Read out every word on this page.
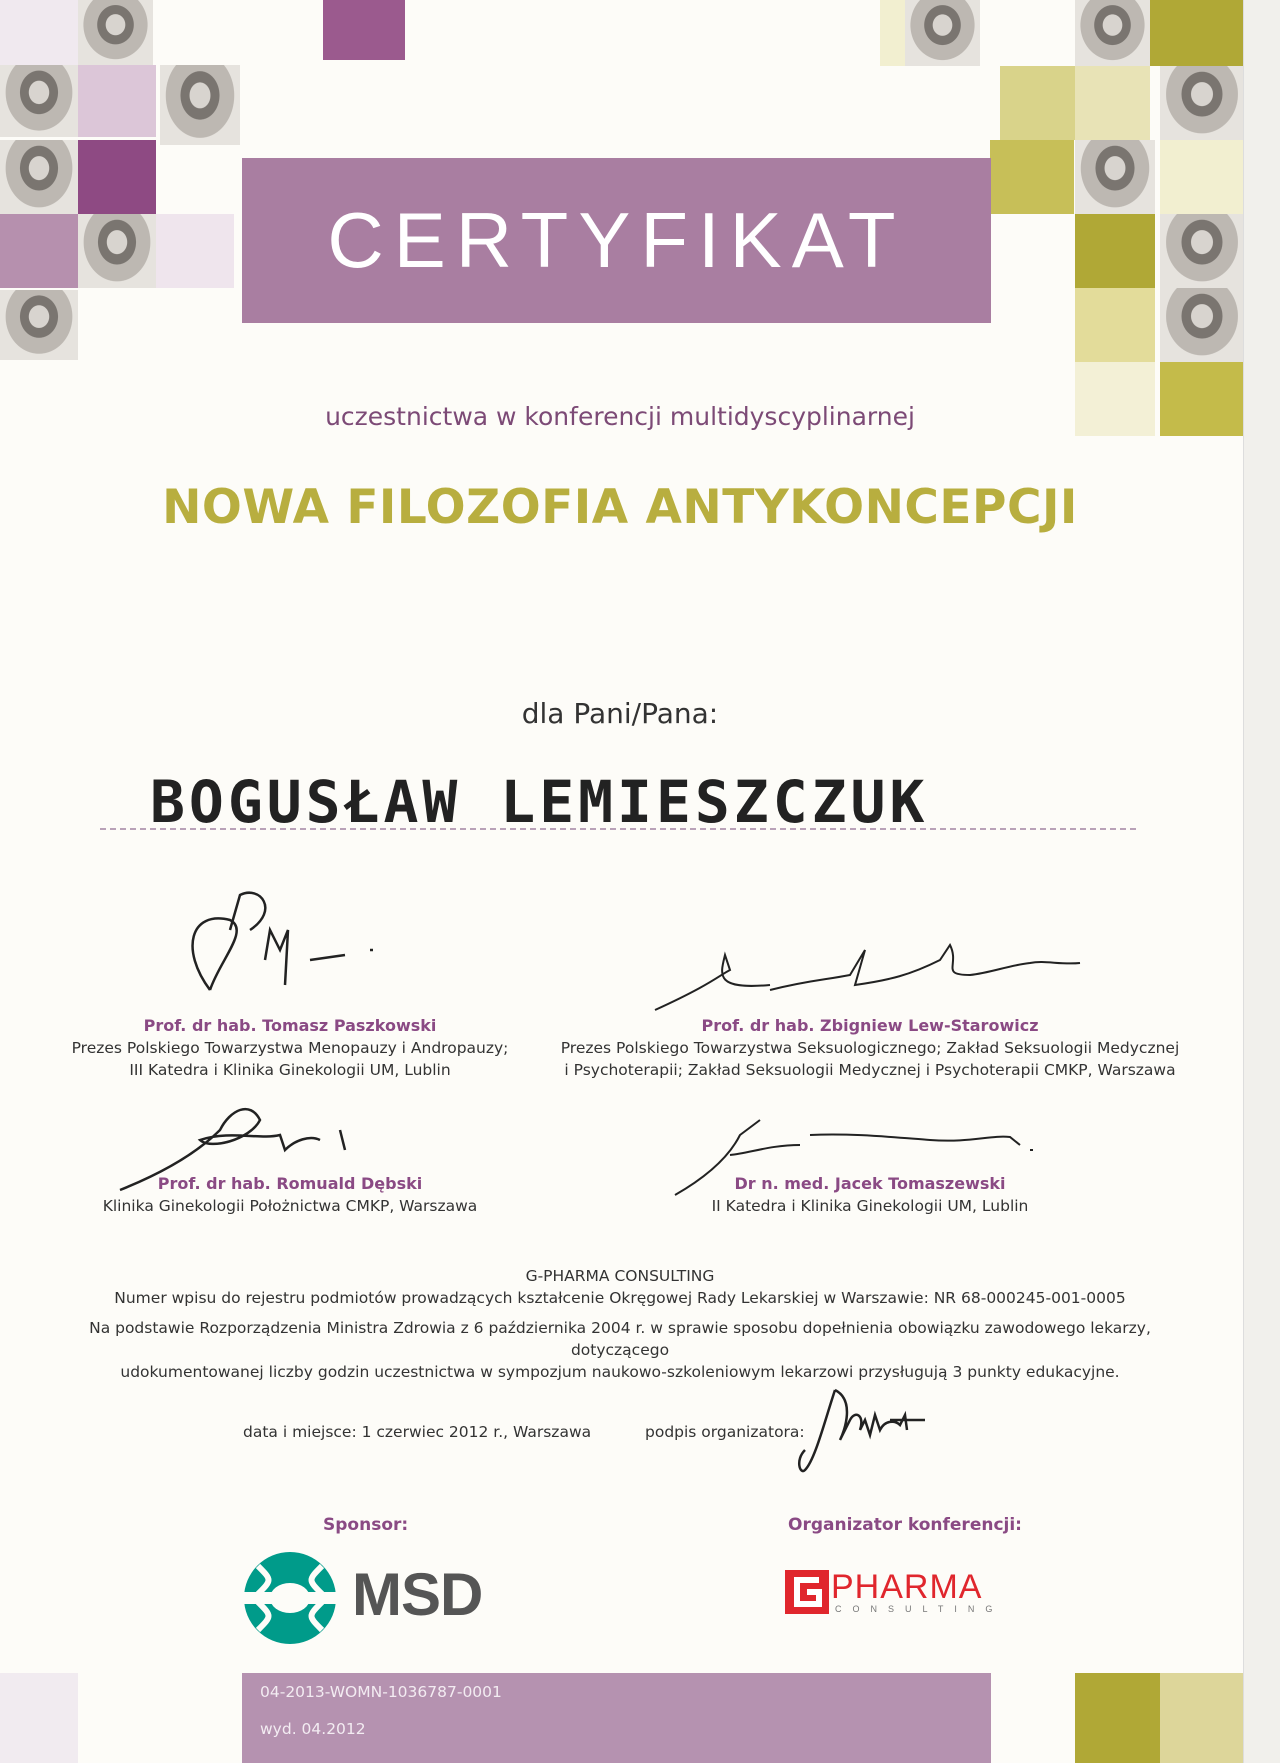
CERTYFIKAT
uczestnictwa w konferencji multidyscyplinarnej
NOWA FILOZOFIA ANTYKONCEPCJI
dla Pani/Pana:
BOGUSŁAW LEMIESZCZUK
Prof. dr hab. Tomasz Paszkowski
Prezes Polskiego Towarzystwa Menopauzy i Andropauzy;
III Katedra i Klinika Ginekologii UM, Lublin
Prof. dr hab. Zbigniew Lew-Starowicz
Prezes Polskiego Towarzystwa Seksuologicznego; Zakład Seksuologii Medycznej
i Psychoterapii; Zakład Seksuologii Medycznej i Psychoterapii CMKP, Warszawa
Prof. dr hab. Romuald Dębski
Klinika Ginekologii Położnictwa CMKP, Warszawa
Dr n. med. Jacek Tomaszewski
II Katedra i Klinika Ginekologii UM, Lublin
G-PHARMA CONSULTING
Numer wpisu do rejestru podmiotów prowadzących kształcenie Okręgowej Rady Lekarskiej w Warszawie: NR 68-000245-001-0005
Na podstawie Rozporządzenia Ministra Zdrowia z 6 października 2004 r. w sprawie sposobu dopełnienia obowiązku zawodowego lekarzy, dotyczącego
udokumentowanej liczby godzin uczestnictwa w sympozjum naukowo-szkoleniowym lekarzowi przysługują 3 punkty edukacyjne.
data i miejsce: 1 czerwiec 2012 r., Warszawa	podpis organizatora:
Sponsor:	Organizator konferencji:
MSD	PHARMA
CONSULTING
04-2013-WOMN-1036787-0001
wyd. 04.2012
